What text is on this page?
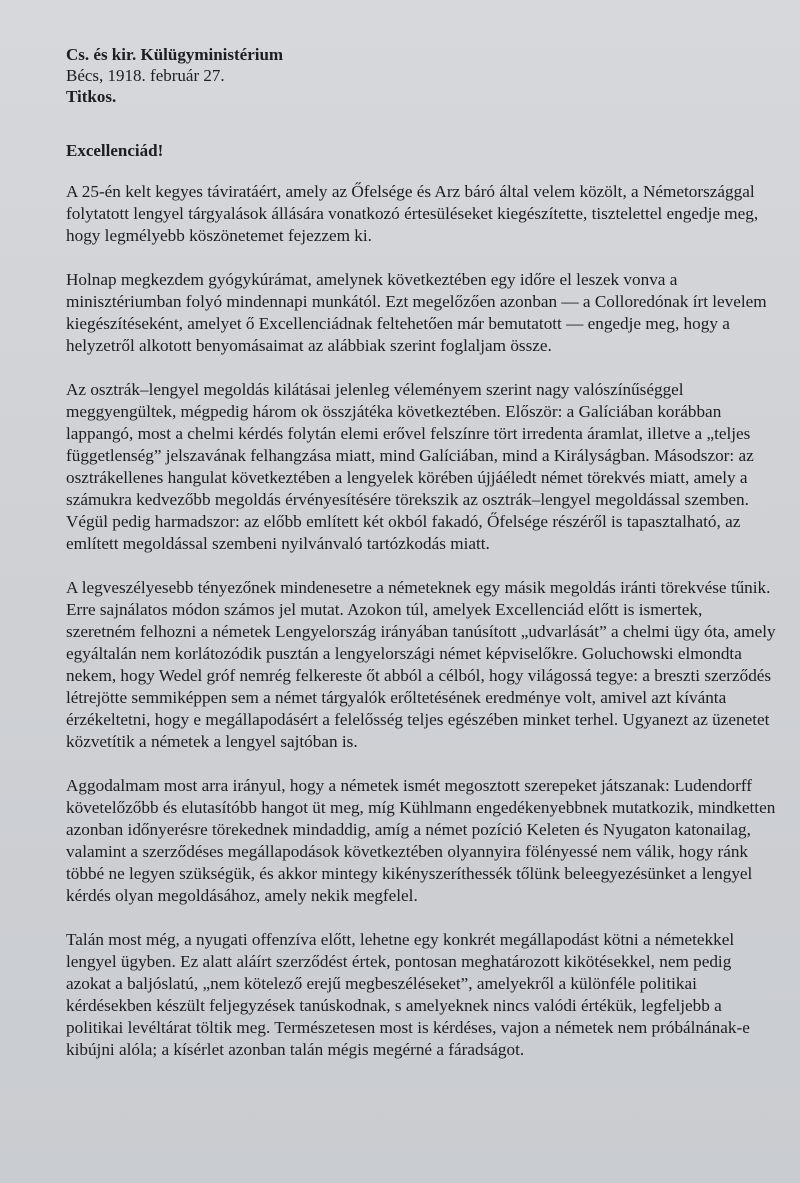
Cs. és kir. Külügyministérium

Bécs, 1918. február 27.

Titkos.

Excellenciád!

A 25-én kelt kegyes táviratáért, amely az Őfelsége és Arz báró által velem közölt, a Németországgal folytatott lengyel tárgyalások állására vonatkozó értesüléseket kiegészítette, tisztelettel engedje meg, hogy legmélyebb köszönetemet fejezzem ki.

Holnap megkezdem gyógykúrámat, amelynek következtében egy időre el leszek vonva a minisztériumban folyó mindennapi munkától. Ezt megelőzően azonban — a Colloredónak írt levelem kiegészítéseként, amelyet ő Excellenciádnak feltehetően már bemutatott — engedje meg, hogy a helyzetről alkotott benyomásaimat az alábbiak szerint foglaljam össze.

Az osztrák–lengyel megoldás kilátásai jelenleg véleményem szerint nagy valószínűséggel meggyengültek, mégpedig három ok összjátéka következtében. Először: a Galíciában korábban lappangó, most a chelmi kérdés folytán elemi erővel felszínre tört irredenta áramlat, illetve a „teljes függetlenség” jelszavának felhangzása miatt, mind Galíciában, mind a Királyságban. Másodszor: az osztrákellenes hangulat következtében a lengyelek körében újjáéledt német törekvés miatt, amely a számukra kedvezőbb megoldás érvényesítésére törekszik az osztrák–lengyel megoldással szemben. Végül pedig harmadszor: az előbb említett két okból fakadó, Őfelsége részéről is tapasztalható, az említett megoldással szembeni nyilvánvaló tartózkodás miatt.

A legveszélyesebb tényezőnek mindenesetre a németeknek egy másik megoldás iránti törekvése tűnik. Erre sajnálatos módon számos jel mutat. Azokon túl, amelyek Excellenciád előtt is ismertek, szeretném felhozni a németek Lengyelország irányában tanúsított „udvarlását” a chelmi ügy óta, amely egyáltalán nem korlátozódik pusztán a lengyelországi német képviselőkre. Goluchowski elmondta nekem, hogy Wedel gróf nemrég felkereste őt abból a célból, hogy világossá tegye: a breszti szerződés létrejötte semmiképpen sem a német tárgyalók erőltetésének eredménye volt, amivel azt kívánta érzékeltetni, hogy e megállapodásért a felelősség teljes egészében minket terhel. Ugyanezt az üzenetet közvetítik a németek a lengyel sajtóban is.

Aggodalmam most arra irányul, hogy a németek ismét megosztott szerepeket játszanak: Ludendorff követelőzőbb és elutasítóbb hangot üt meg, míg Kühlmann engedékenyebbnek mutatkozik, mindketten azonban időnyerésre törekednek mindaddig, amíg a német pozíció Keleten és Nyugaton katonailag, valamint a szerződéses megállapodások következtében olyannyira fölényessé nem válik, hogy ránk többé ne legyen szükségük, és akkor mintegy kikényszeríthessék tőlünk beleegyezésünket a lengyel kérdés olyan megoldásához, amely nekik megfelel.

Talán most még, a nyugati offenzíva előtt, lehetne egy konkrét megállapodást kötni a németekkel lengyel ügyben. Ez alatt aláírt szerződést értek, pontosan meghatározott kikötésekkel, nem pedig azokat a baljóslatú, „nem kötelező erejű megbeszéléseket”, amelyekről a különféle politikai kérdésekben készült feljegyzések tanúskodnak, s amelyeknek nincs valódi értékük, legfeljebb a politikai levéltárat töltik meg. Természetesen most is kérdéses, vajon a németek nem próbálnának-e kibújni alóla; a kísérlet azonban talán mégis megérné a fáradságot.
